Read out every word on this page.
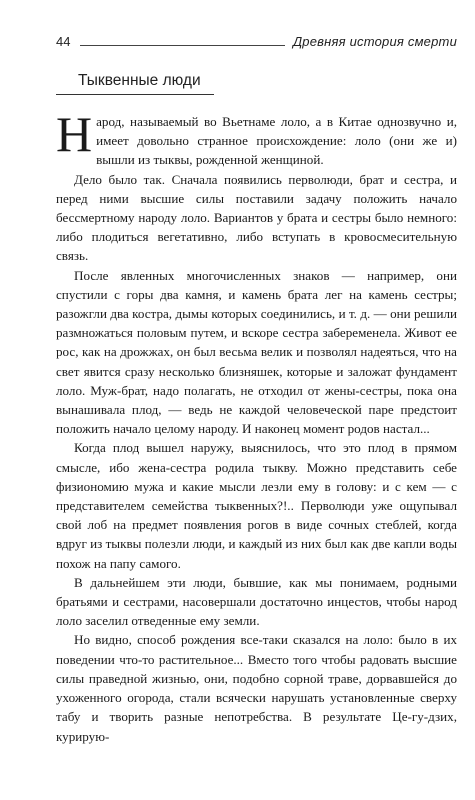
44	Древняя история смерти
Тыквенные люди

Народ, называемый во Вьетнаме лоло, а в Китае однозвучно и, имеет довольно странное происхождение: лоло (они же и) вышли из тыквы, рожденной женщиной.

Дело было так. Сначала появились перволюди, брат и сестра, и перед ними высшие силы поставили задачу положить начало бессмертному народу лоло. Вариантов у брата и сестры было немного: либо плодиться вегетативно, либо вступать в кровосмесительную связь.

После явленных многочисленных знаков — например, они спустили с горы два камня, и камень брата лег на камень сестры; разожгли два костра, дымы которых соединились, и т. д. — они решили размножаться половым путем, и вскоре сестра забеременела. Живот ее рос, как на дрожжах, он был весьма велик и позволял надеяться, что на свет явится сразу несколько близняшек, которые и заложат фундамент лоло. Муж-брат, надо полагать, не отходил от жены-сестры, пока она вынашивала плод, — ведь не каждой человеческой паре предстоит положить начало целому народу. И наконец момент родов настал...

Когда плод вышел наружу, выяснилось, что это плод в прямом смысле, ибо жена-сестра родила тыкву. Можно представить себе физиономию мужа и какие мысли лезли ему в голову: и с кем — с представителем семейства тыквенных?!.. Перволюди уже ощупывал свой лоб на предмет появления рогов в виде сочных стеблей, когда вдруг из тыквы полезли люди, и каждый из них был как две капли воды похож на папу самого.

В дальнейшем эти люди, бывшие, как мы понимаем, родными братьями и сестрами, насовершали достаточно инцестов, чтобы народ лоло заселил отведенные ему земли.

Но видно, способ рождения все-таки сказался на лоло: было в их поведении что-то растительное... Вместо того чтобы радовать высшие силы праведной жизнью, они, подобно сорной траве, дорвавшейся до ухоженного огорода, стали всячески нарушать установленные сверху табу и творить разные непотребства. В результате Це-гу-дзих, курирую-
